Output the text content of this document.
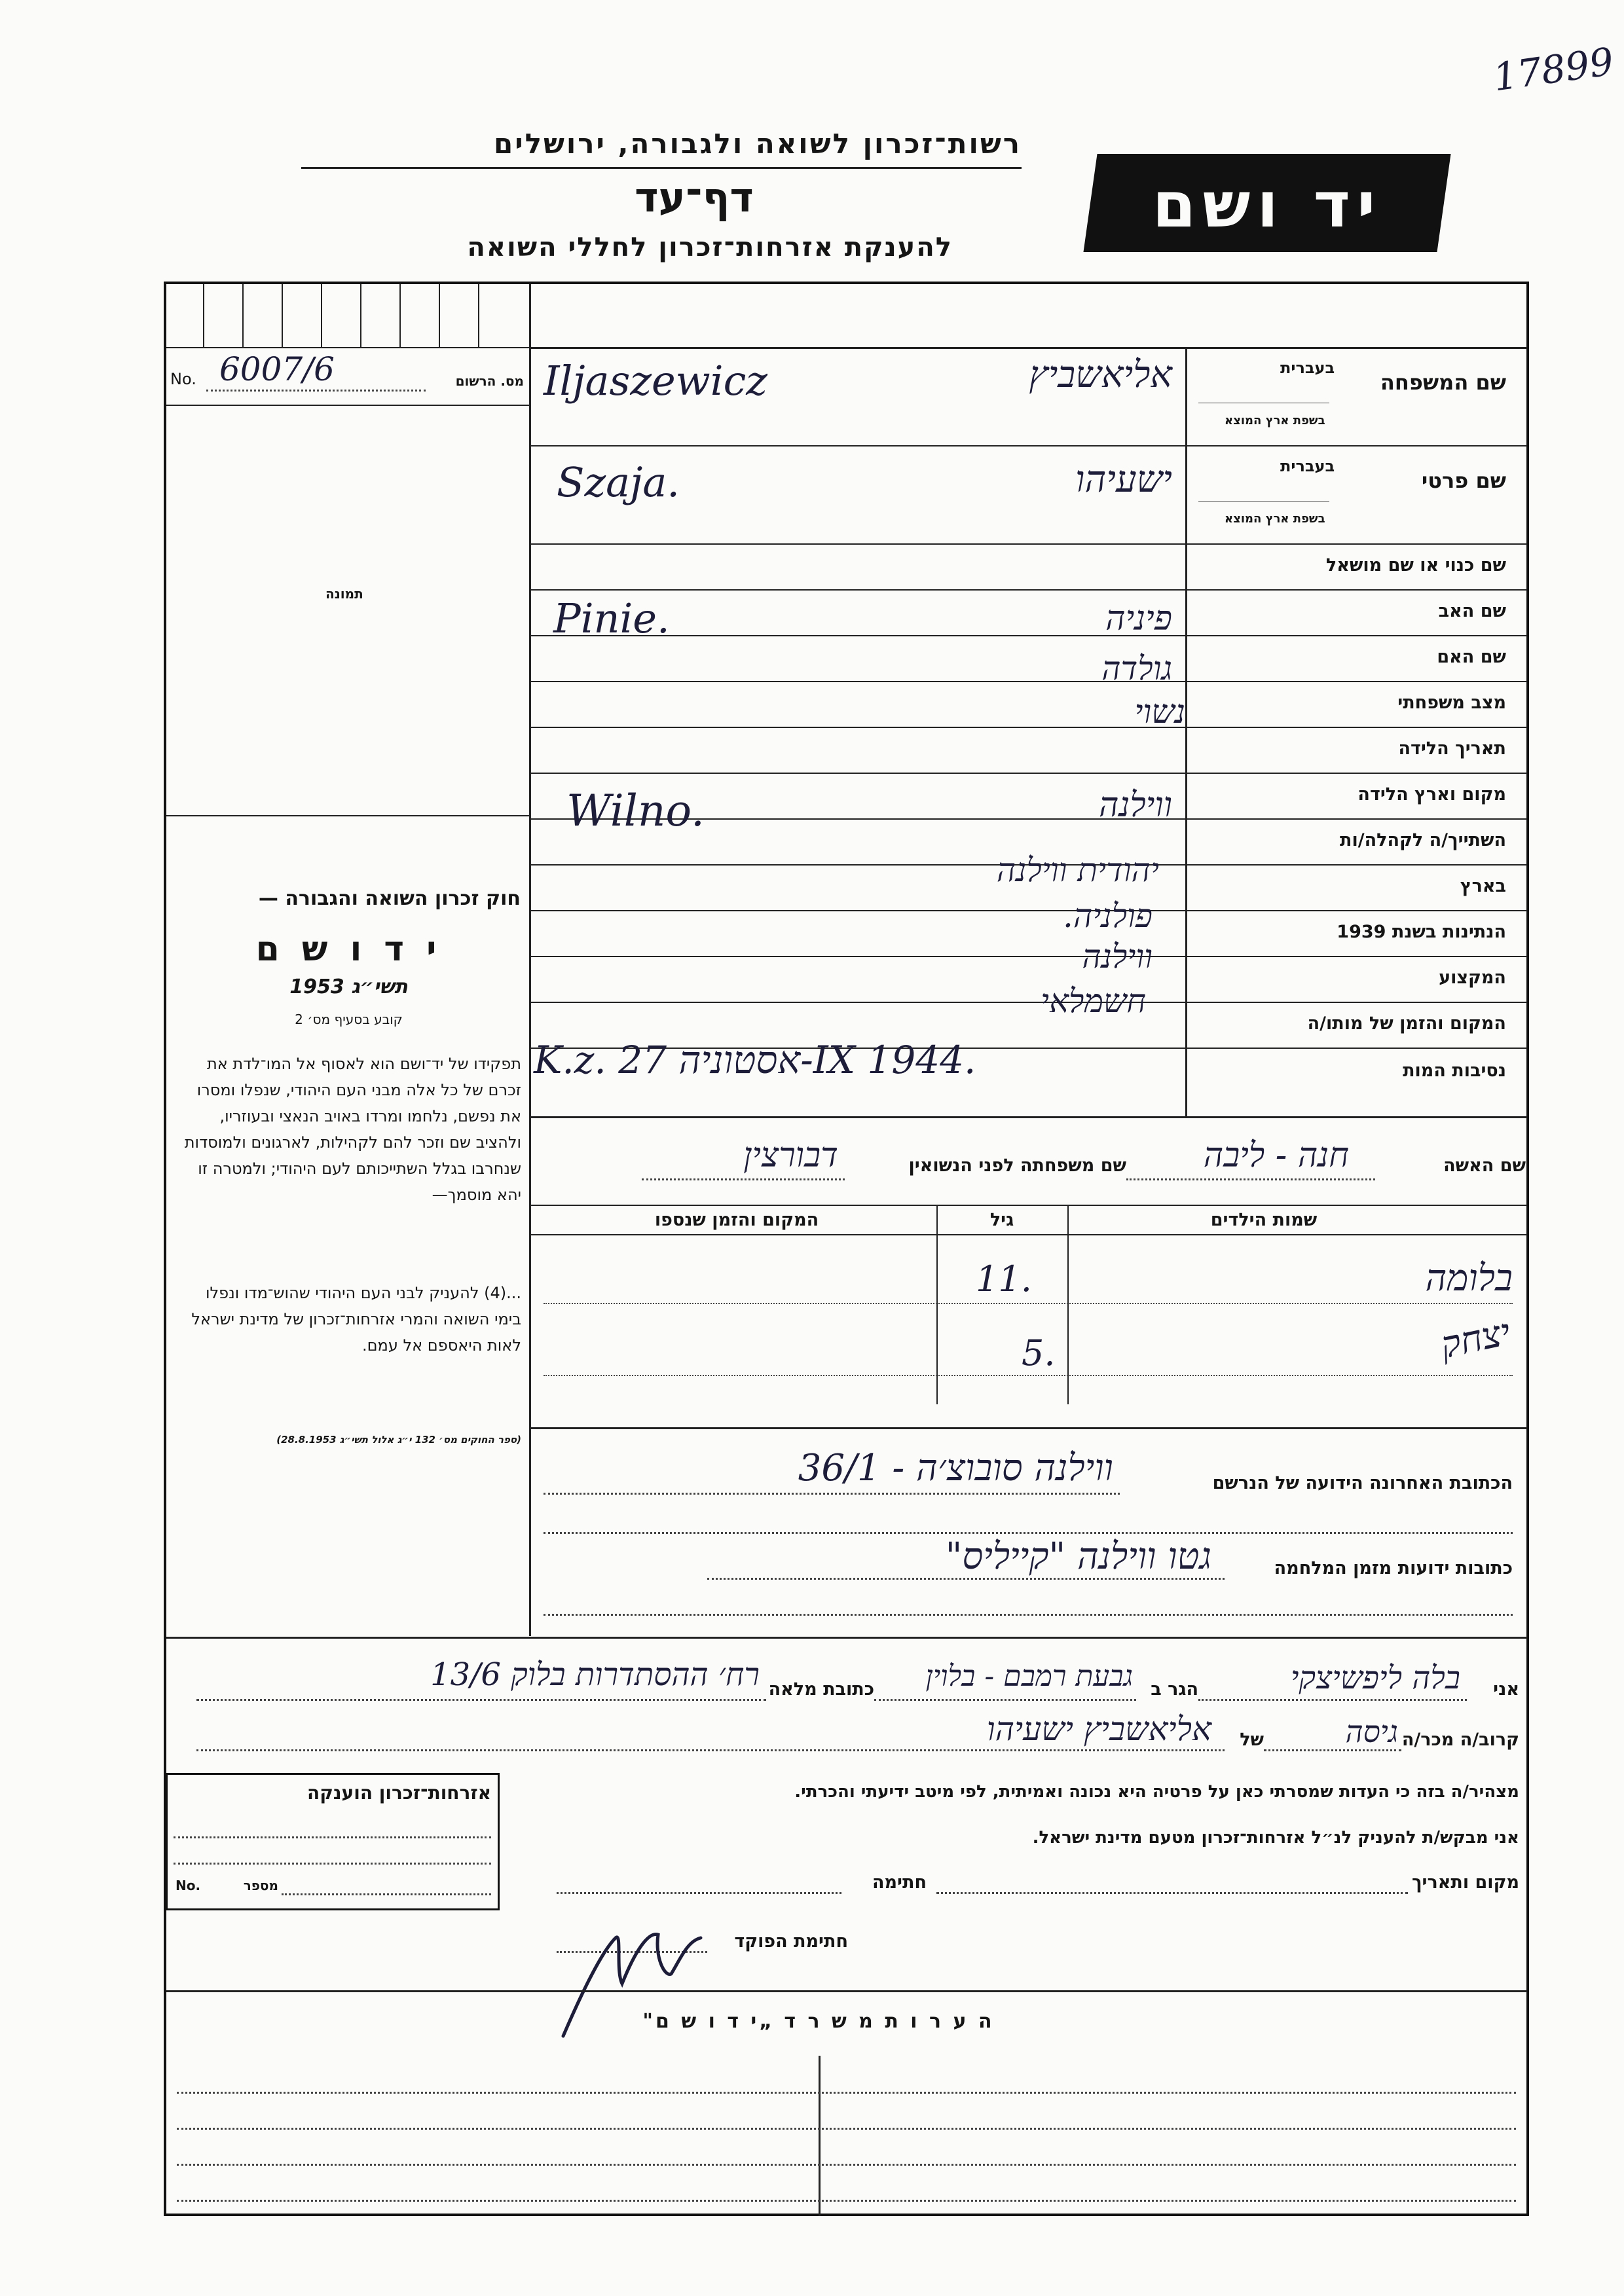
17899
רשות־זכרון לשואה ולגבורה, ירושלים
דף־עד
להענקת אזרחות־זכרון לחללי השואה
יד ושם
No. 6007/6	מס. הרשום
תמונה
חוק זכרון השואה והגבורה —
י ד ו ש ם
תשי״ג 1953
קובע בסעיף מס׳ 2
תפקידו של יד־ושם הוא לאסוף אל המו־לדת את זכרם של כל אלה מבני העם היהודי, שנפלו ומסרו את נפשם, נלחמו ומרדו באויב הנאצי ובעוזריו, ולהציב שם וזכר להם לקהילות, לארגונים ולמוסדות שנחרבו בגלל השתייכותם לעם היהודי; ולמטרה זו יהא מוסמך—
...(4) להעניק לבני העם היהודי שהוש־מדו ונפלו בימי השואה והמרי אזרחות־זכרון של מדינת ישראל לאות היאספם אל עמם.
(ספר החוקים מס׳ 132 י״ג אלול תשי״ג 28.8.1953)
שם המשפחה
בעברית
בשפת ארץ המוצא
שם פרטי
בעברית
בשפת ארץ המוצא
שם כנוי או שם מושאל
שם האב
שם האם
מצב משפחתי
תאריך הלידה
מקום וארץ הלידה
השתייך/ה לקהלה/ות
בארץ
הנתינות בשנת 1939
המקצוע
המקום והזמן של מותו/ה
נסיבות המות
אליאשביץ
Iljaszewicz
ישעיהו
Szaja.
פיניה
Pinie.
גולדה
נשוי
ווילנה
Wilno.
יהודית ווילנה
פולניה.
ווילנה
חשמלאי
K.z. אסטוניה 27-IX 1944.
שם האשה
חנה - ליבה
שם משפחתה לפני הנשואין
דבורצין
שמות הילדים
גיל
המקום והזמן שנספו
בלומה
11.
יצחק
5.
הכתובת האחרונה הידועה של הנרשם
ווילנה סובוצ׳ה - 36/1
כתובות ידועות מזמן המלחמה
גטו ווילנה "קייליס"
אני
בלה ליפשיצקי
הגר ב
גבעת רמבם - בלוין
כתובת מלאה
רח׳ ההסתדרות בלוק 13/6
קרוב/ה מכר/ה
גיסה
של
אליאשביץ ישעיהו
מצהיר/ה בזה כי העדות שמסרתי כאן על פרטיה היא נכונה ואמיתית, לפי מיטב ידיעתי והכרתי.
אני מבקש/ת להעניק לנ״ל אזרחות־זכרון מטעם מדינת ישראל.
מקום ותאריך
חתימה
אזרחות־זכרון הוענקה
No.	מספר
חתימת הפוקד
ה ע ר ו ת מ ש ר ד „י ד ו ש ם"
